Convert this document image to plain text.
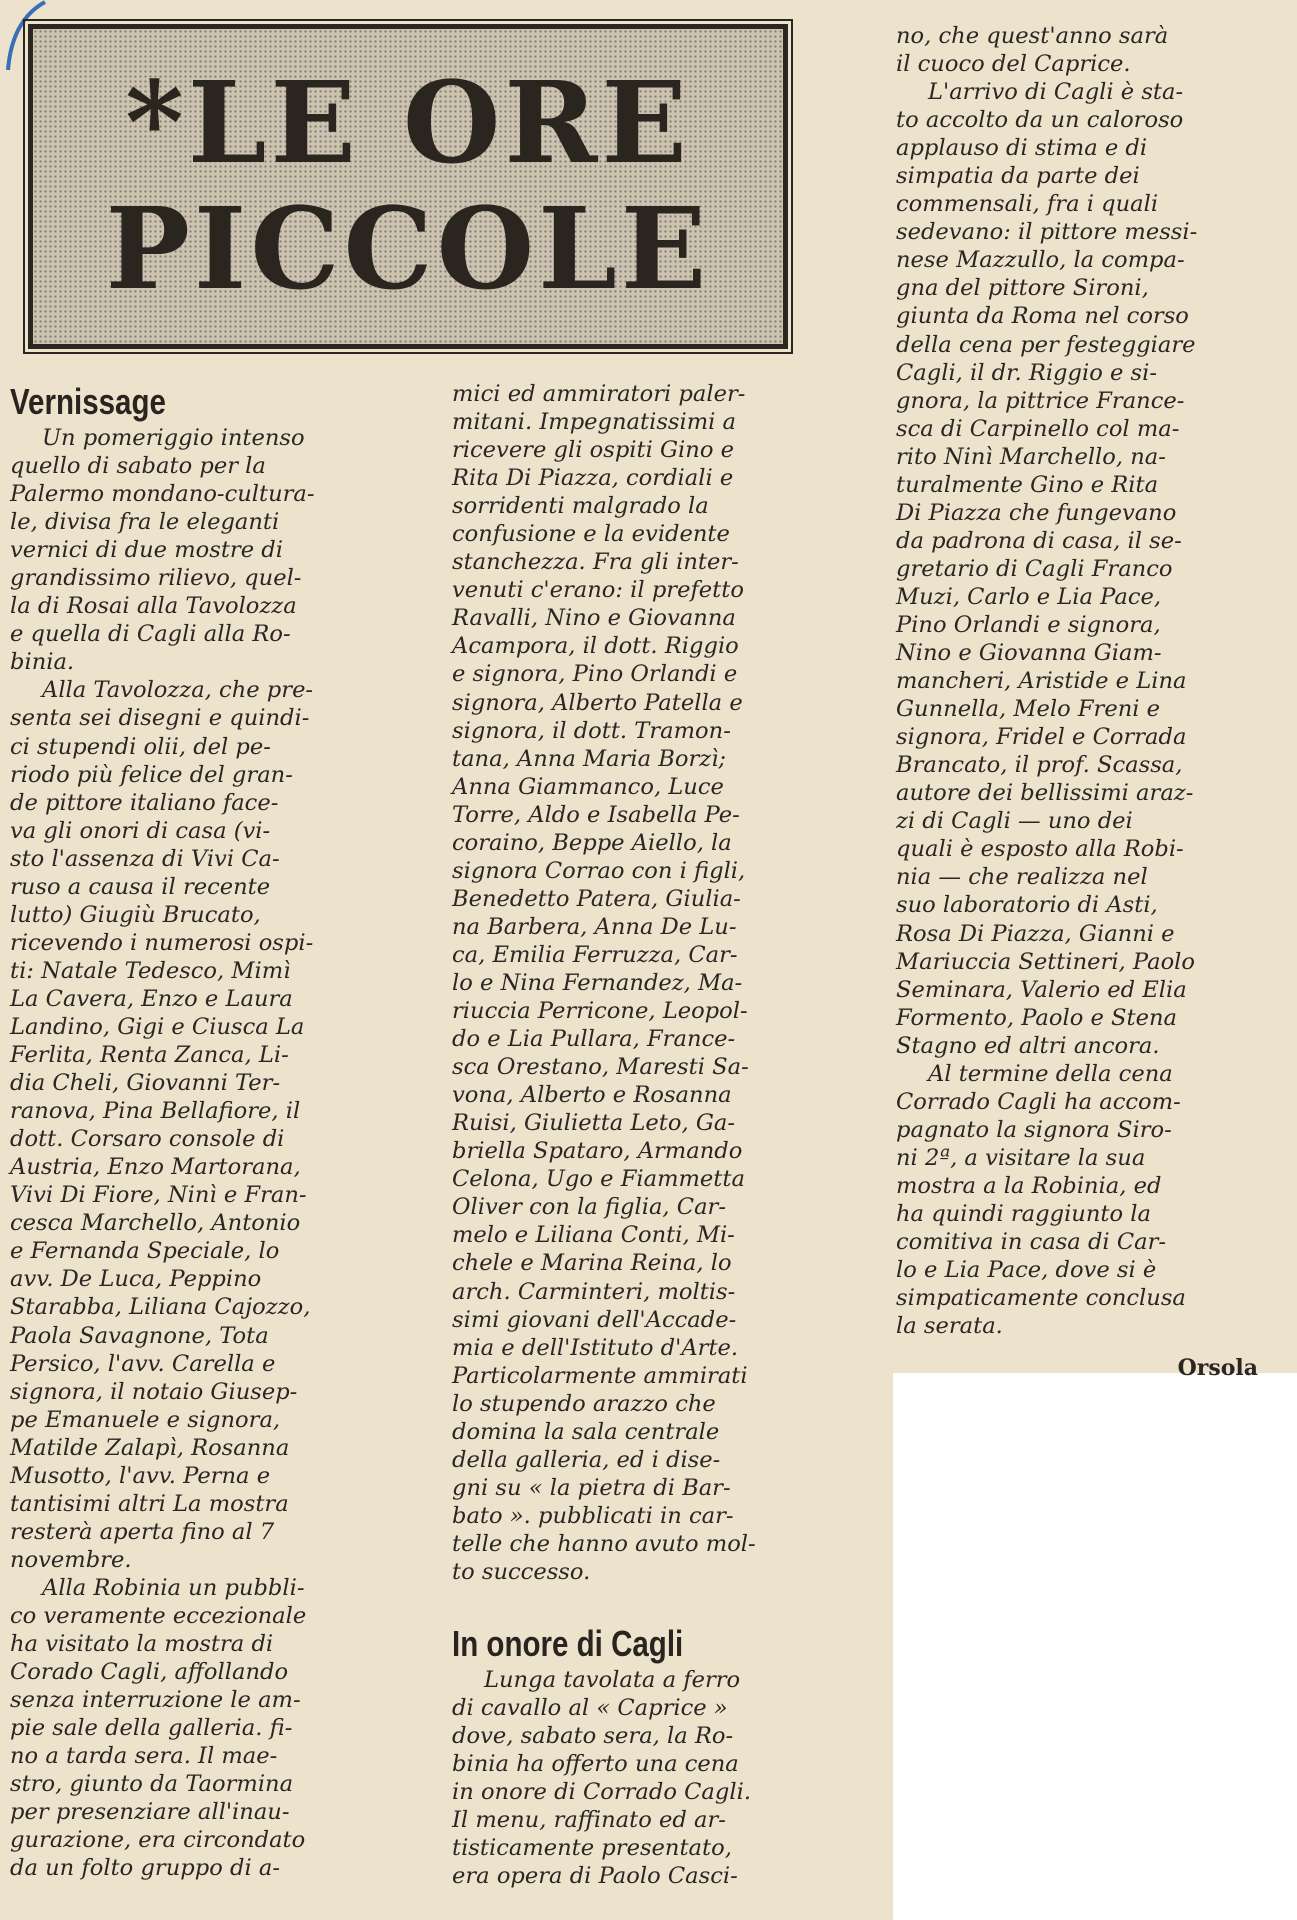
*LE ORE
PICCOLE
Vernissage

Un pomeriggio intenso

quello di sabato per la

Palermo mondano-cultura-

le, divisa fra le eleganti

vernici di due mostre di

grandissimo rilievo, quel-

la di Rosai alla Tavolozza

e quella di Cagli alla Ro-

binia.

Alla Tavolozza, che pre-

senta sei disegni e quindi-

ci stupendi olii, del pe-

riodo più felice del gran-

de pittore italiano face-

va gli onori di casa (vi-

sto l'assenza di Vivi Ca-

ruso a causa il recente

lutto) Giugiù Brucato,

ricevendo i numerosi ospi-

ti: Natale Tedesco, Mimì

La Cavera, Enzo e Laura

Landino, Gigi e Ciusca La

Ferlita, Renta Zanca, Li-

dia Cheli, Giovanni Ter-

ranova, Pina Bellafiore, il

dott. Corsaro console di

Austria, Enzo Martorana,

Vivi Di Fiore, Ninì e Fran-

cesca Marchello, Antonio

e Fernanda Speciale, lo

avv. De Luca, Peppino

Starabba, Liliana Cajozzo,

Paola Savagnone, Tota

Persico, l'avv. Carella e

signora, il notaio Giusep-

pe Emanuele e signora,

Matilde Zalapì, Rosanna

Musotto, l'avv. Perna e

tantisimi altri La mostra

resterà aperta fino al 7

novembre.

Alla Robinia un pubbli-

co veramente eccezionale

ha visitato la mostra di

Corado Cagli, affollando

senza interruzione le am-

pie sale della galleria. fi-

no a tarda sera. Il mae-

stro, giunto da Taormina

per presenziare all'inau-

gurazione, era circondato

da un folto gruppo di a-

mici ed ammiratori paler-

mitani. Impegnatissimi a

ricevere gli ospiti Gino e

Rita Di Piazza, cordiali e

sorridenti malgrado la

confusione e la evidente

stanchezza. Fra gli inter-

venuti c'erano: il prefetto

Ravalli, Nino e Giovanna

Acampora, il dott. Riggio

e signora, Pino Orlandi e

signora, Alberto Patella e

signora, il dott. Tramon-

tana, Anna Maria Borzì;

Anna Giammanco, Luce

Torre, Aldo e Isabella Pe-

coraino, Beppe Aiello, la

signora Corrao con i figli,

Benedetto Patera, Giulia-

na Barbera, Anna De Lu-

ca, Emilia Ferruzza, Car-

lo e Nina Fernandez, Ma-

riuccia Perricone, Leopol-

do e Lia Pullara, France-

sca Orestano, Maresti Sa-

vona, Alberto e Rosanna

Ruisi, Giulietta Leto, Ga-

briella Spataro, Armando

Celona, Ugo e Fiammetta

Oliver con la figlia, Car-

melo e Liliana Conti, Mi-

chele e Marina Reina, lo

arch. Carminteri, moltis-

simi giovani dell'Accade-

mia e dell'Istituto d'Arte.

Particolarmente ammirati

lo stupendo arazzo che

domina la sala centrale

della galleria, ed i dise-

gni su « la pietra di Bar-

bato ». pubblicati in car-

telle che hanno avuto mol-

to successo.

In onore di Cagli

Lunga tavolata a ferro

di cavallo al « Caprice »

dove, sabato sera, la Ro-

binia ha offerto una cena

in onore di Corrado Cagli.

Il menu, raffinato ed ar-

tisticamente presentato,

era opera di Paolo Casci-

no, che quest'anno sarà

il cuoco del Caprice.

L'arrivo di Cagli è sta-

to accolto da un caloroso

applauso di stima e di

simpatia da parte dei

commensali, fra i quali

sedevano: il pittore messi-

nese Mazzullo, la compa-

gna del pittore Sironi,

giunta da Roma nel corso

della cena per festeggiare

Cagli, il dr. Riggio e si-

gnora, la pittrice France-

sca di Carpinello col ma-

rito Ninì Marchello, na-

turalmente Gino e Rita

Di Piazza che fungevano

da padrona di casa, il se-

gretario di Cagli Franco

Muzi, Carlo e Lia Pace,

Pino Orlandi e signora,

Nino e Giovanna Giam-

mancheri, Aristide e Lina

Gunnella, Melo Freni e

signora, Fridel e Corrada

Brancato, il prof. Scassa,

autore dei bellissimi araz-

zi di Cagli — uno dei

quali è esposto alla Robi-

nia — che realizza nel

suo laboratorio di Asti,

Rosa Di Piazza, Gianni e

Mariuccia Settineri, Paolo

Seminara, Valerio ed Elia

Formento, Paolo e Stena

Stagno ed altri ancora.

Al termine della cena

Corrado Cagli ha accom-

pagnato la signora Siro-

ni 2ª, a visitare la sua

mostra a la Robinia, ed

ha quindi raggiunto la

comitiva in casa di Car-

lo e Lia Pace, dove si è

simpaticamente conclusa

la serata.

Orsola
